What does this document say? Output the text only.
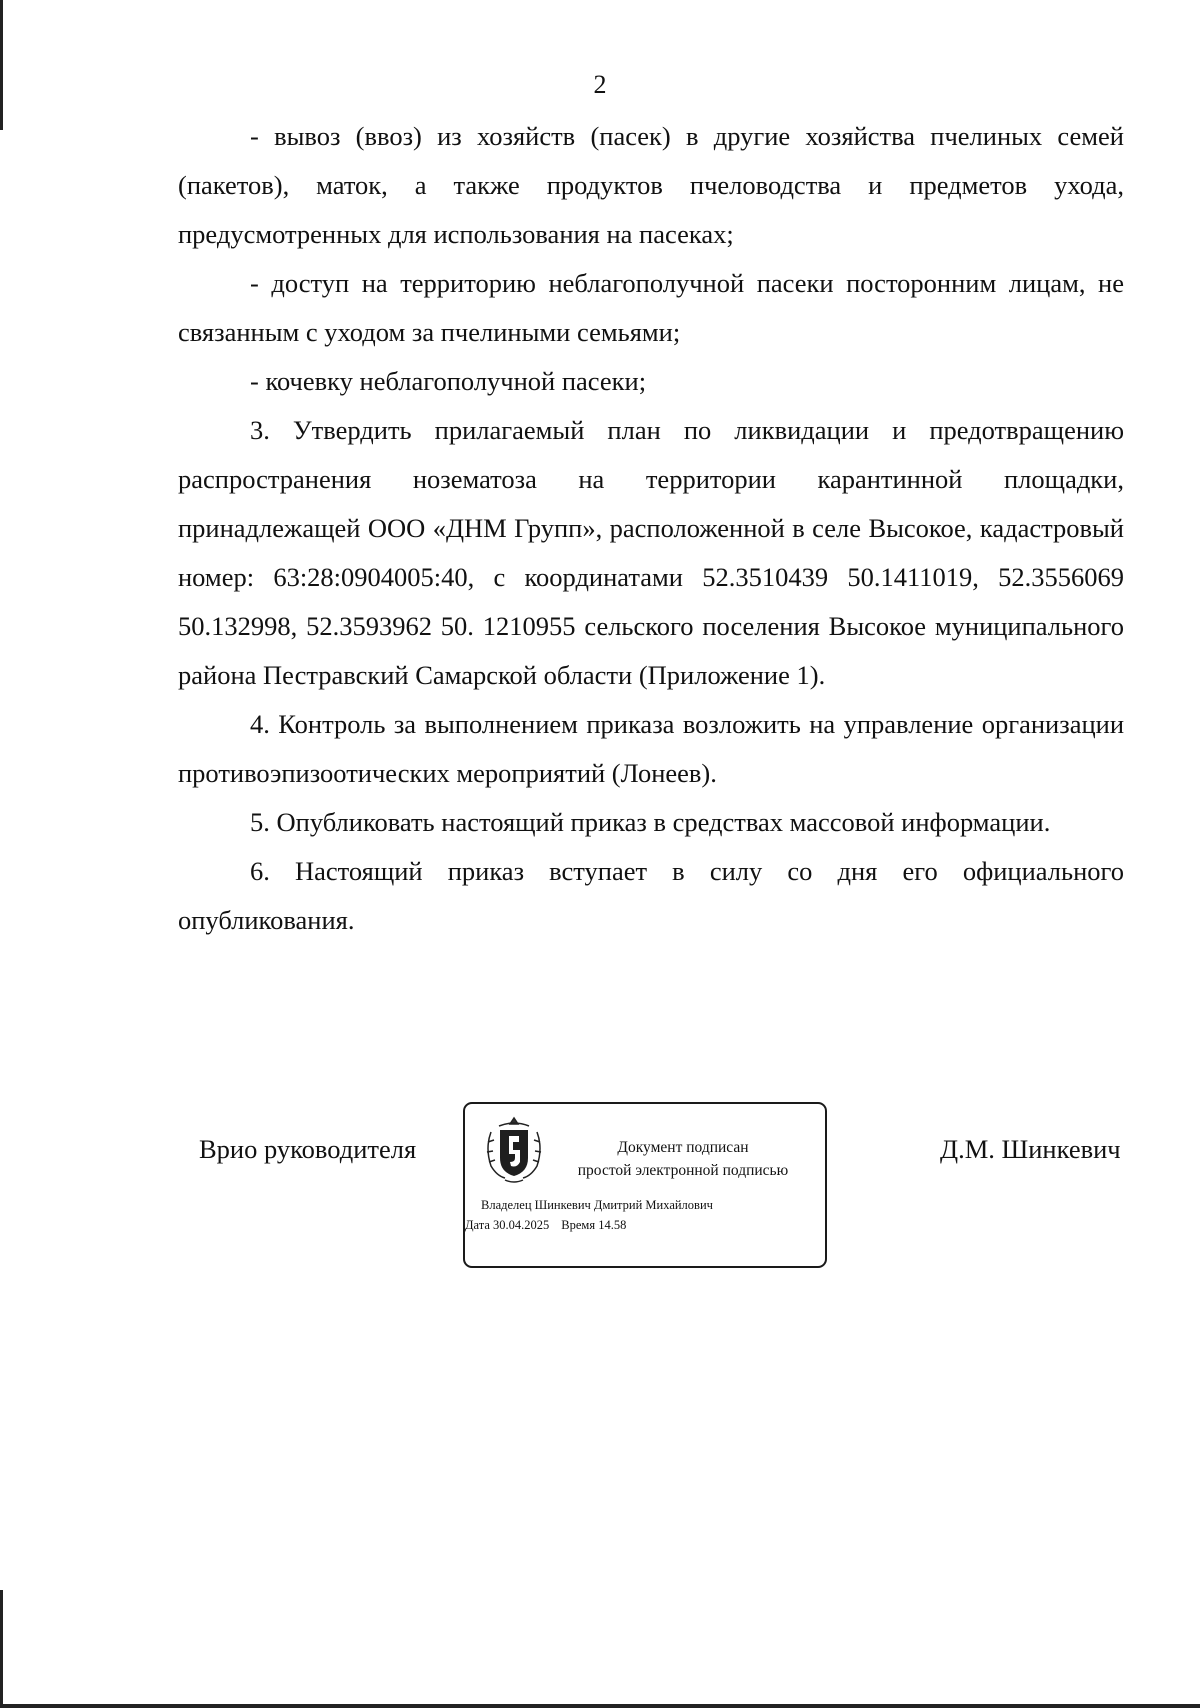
2

- вывоз (ввоз) из хозяйств (пасек) в другие хозяйства пчелиных семей (пакетов), маток, а также продуктов пчеловодства и предметов ухода, предусмотренных для использования на пасеках;

- доступ на территорию неблагополучной пасеки посторонним лицам, не связанным с уходом за пчелиными семьями;

- кочевку неблагополучной пасеки;

3. Утвердить прилагаемый план по ликвидации и предотвращению распространения нозематоза на территории карантинной площадки, принадлежащей ООО «ДНМ Групп», расположенной в селе Высокое, кадастровый номер: 63:28:0904005:40, с координатами 52.3510439 50.1411019, 52.3556069 50.132998, 52.3593962 50. 1210955 сельского поселения Высокое муниципального района Пестравский Самарской области (Приложение 1).

4. Контроль за выполнением приказа возложить на управление организации противоэпизоотических мероприятий (Лонеев).

5. Опубликовать настоящий приказ в средствах массовой информации.

6. Настоящий приказ вступает в силу со дня его официального опубликования.

Врио руководителя	Документ подписан
простой электронной подписью
Владелец Шинкевич Дмитрий Михайлович
Дата 30.04.2025 Время 14.58
Д.М. Шинкевич
